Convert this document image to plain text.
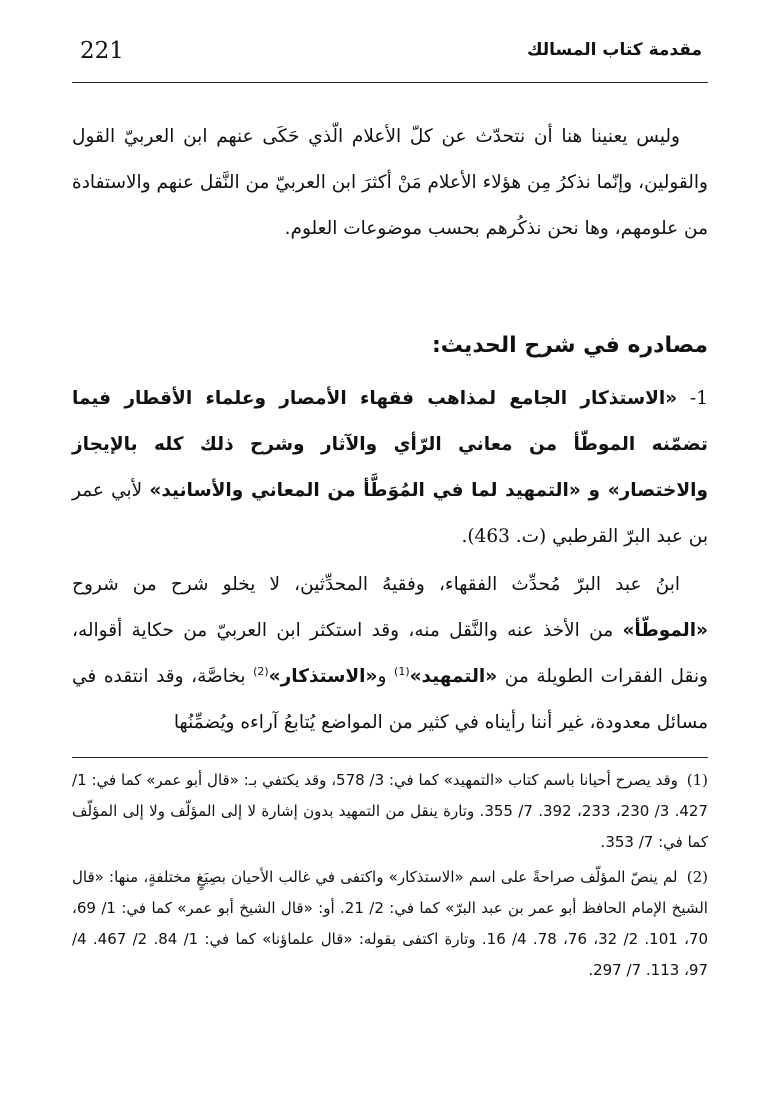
221	مقدمة كتاب المسالك

وليس يعنينا هنا أن نتحدّث عن كلّ الأعلام الّذي حَكَى عنهم ابن العربيّ القول والقولين، وإنّما نذكرُ مِن هؤلاء الأعلام مَنْ أكثرَ ابن العربيّ من النَّقل عنهم والاستفادة من علومهم، وها نحن نذكُرهم بحسب موضوعات العلوم.

مصادره في شرح الحديث:

1- «الاستذكار الجامع لمذاهب فقهاء الأمصار وعلماء الأقطار فيما تضمّنه الموطّأ من معاني الرّأي والآثار وشرح ذلك كله بالإيجاز والاختصار» و «التمهيد لما في المُوَطَّأ من المعاني والأسانيد» لأبي عمر بن عبد البرّ القرطبي (ت. 463).

ابنُ عبد البرّ مُحدِّث الفقهاء، وفقيهُ المحدِّثين، لا يخلو شرح من شروح «الموطّأ» من الأخذ عنه والنَّقل منه، وقد استكثر ابن العربيّ من حكاية أقواله، ونقل الفقرات الطويلة من «التمهيد»$^{(1)}$ و«الاستذكار»$^{(2)}$ بخاصَّة، وقد انتقده في مسائل معدودة، غير أننا رأيناه في كثير من المواضع يُتابعُ آراءه ويُضمِّنُها

(1) وقد يصرح أحيانا باسم كتاب «التمهيد» كما في: 3/ 578، وقد يكتفي بـ: «قال أبو عمر» كما في: 1/ 427. 3/ 230، 233، 392. 7/ 355. وتارة ينقل من التمهيد بدون إشارة لا إلى المؤلّف ولا إلى المؤلّف كما في: 7/ 353.

(2) لم ينصّ المؤلّف صراحةً على اسم «الاستذكار» واكتفى في غالب الأحيان بصِيَغٍ مختلفةٍ، منها: «قال الشيخ الإمام الحافظ أبو عمر بن عبد البرّ» كما في: 2/ 21. أو: «قال الشيخ أبو عمر» كما في: 1/ 69، 70، 101. 2/ 32، 76، 78. 4/ 16. وتارة اكتفى بقوله: «قال علماؤنا» كما في: 1/ 84. 2/ 467. 4/ 97، 113. 7/ 297.
